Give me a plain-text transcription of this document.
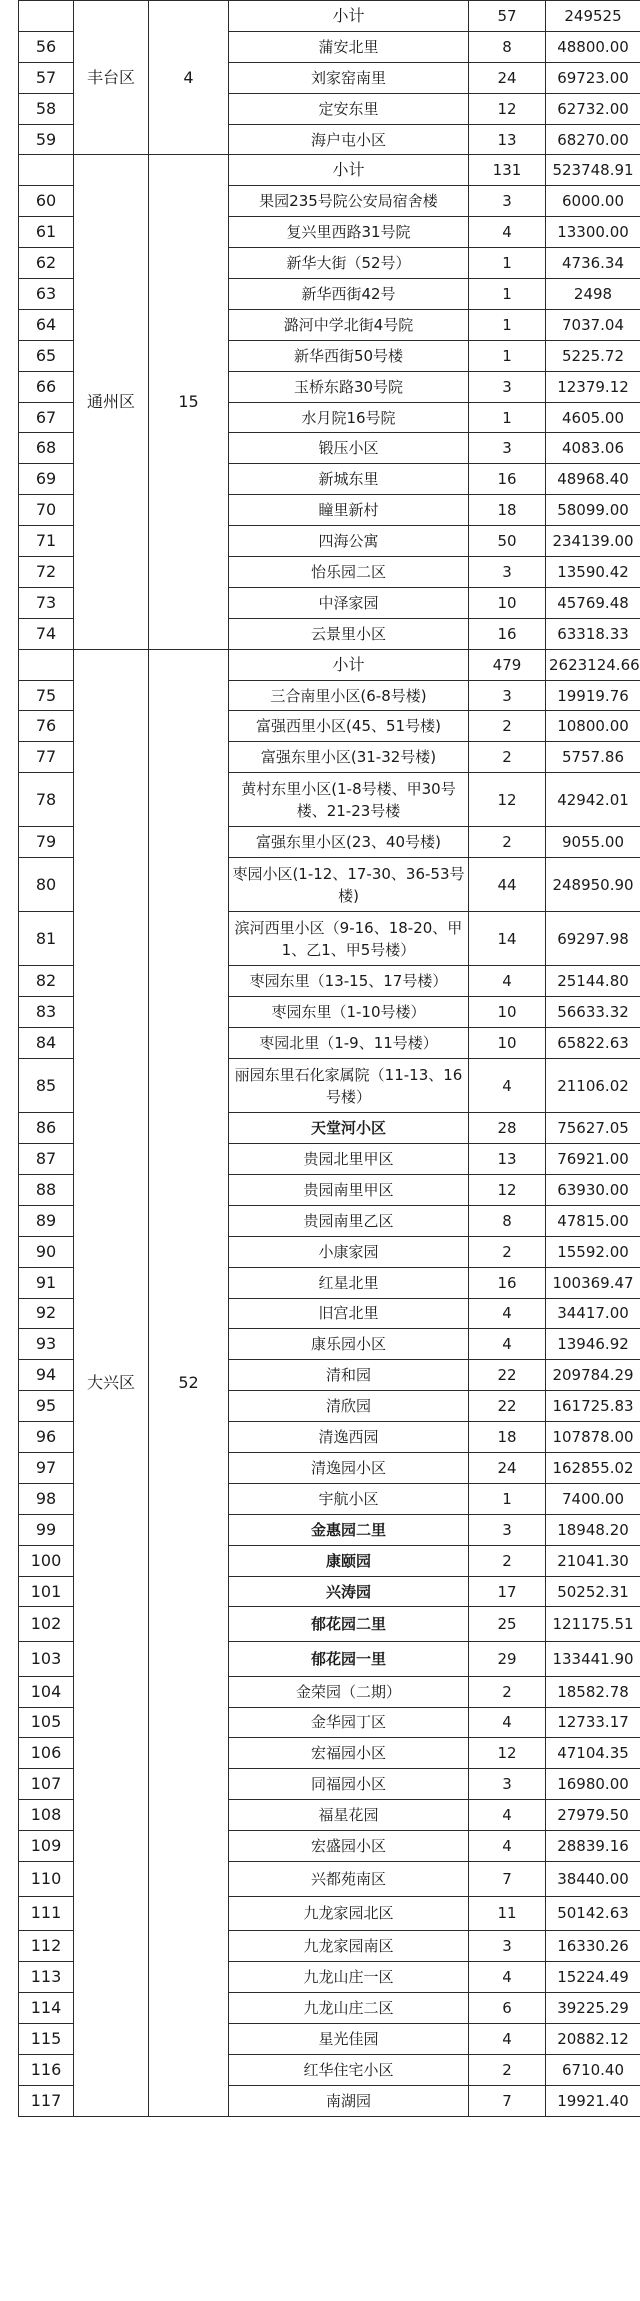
	丰台区	4	小计	57	249525
56			蒲安北里	8	48800.00
57			刘家窑南里	24	69723.00
58			定安东里	12	62732.00
59			海户屯小区	13	68270.00
	通州区	15	小计	131	523748.91
60			果园235号院公安局宿舍楼	3	6000.00
61			复兴里西路31号院	4	13300.00
62			新华大街（52号）	1	4736.34
63			新华西街42号	1	2498
64			潞河中学北街4号院	1	7037.04
65			新华西街50号楼	1	5225.72
66			玉桥东路30号院	3	12379.12
67			水月院16号院	1	4605.00
68			锻压小区	3	4083.06
69			新城东里	16	48968.40
70			瞳里新村	18	58099.00
71			四海公寓	50	234139.00
72			怡乐园二区	3	13590.42
73			中泽家园	10	45769.48
74			云景里小区	16	63318.33
	大兴区	52	小计	479	2623124.66
75			三合南里小区(6-8号楼)	3	19919.76
76			富强西里小区(45、51号楼)	2	10800.00
77			富强东里小区(31-32号楼)	2	5757.86
78			黄村东里小区(1-8号楼、甲30号楼、21-23号楼	12	42942.01
79			富强东里小区(23、40号楼)	2	9055.00
80			枣园小区(1-12、17-30、36-53号楼)	44	248950.90
81			滨河西里小区（9-16、18-20、甲1、乙1、甲5号楼）	14	69297.98
82			枣园东里（13-15、17号楼）	4	25144.80
83			枣园东里（1-10号楼）	10	56633.32
84			枣园北里（1-9、11号楼）	10	65822.63
85			丽园东里石化家属院（11-13、16号楼）	4	21106.02
86			天堂河小区	28	75627.05
87			贵园北里甲区	13	76921.00
88			贵园南里甲区	12	63930.00
89			贵园南里乙区	8	47815.00
90			小康家园	2	15592.00
91			红星北里	16	100369.47
92			旧宫北里	4	34417.00
93			康乐园小区	4	13946.92
94			清和园	22	209784.29
95			清欣园	22	161725.83
96			清逸西园	18	107878.00
97			清逸园小区	24	162855.02
98			宇航小区	1	7400.00
99			金惠园二里	3	18948.20
100			康颐园	2	21041.30
101			兴涛园	17	50252.31
102			郁花园二里	25	121175.51
103			郁花园一里	29	133441.90
104			金荣园（二期）	2	18582.78
105			金华园丁区	4	12733.17
106			宏福园小区	12	47104.35
107			同福园小区	3	16980.00
108			福星花园	4	27979.50
109			宏盛园小区	4	28839.16
110			兴都苑南区	7	38440.00
111			九龙家园北区	11	50142.63
112			九龙家园南区	3	16330.26
113			九龙山庄一区	4	15224.49
114			九龙山庄二区	6	39225.29
115			星光佳园	4	20882.12
116			红华住宅小区	2	6710.40
117			南湖园	7	19921.40
